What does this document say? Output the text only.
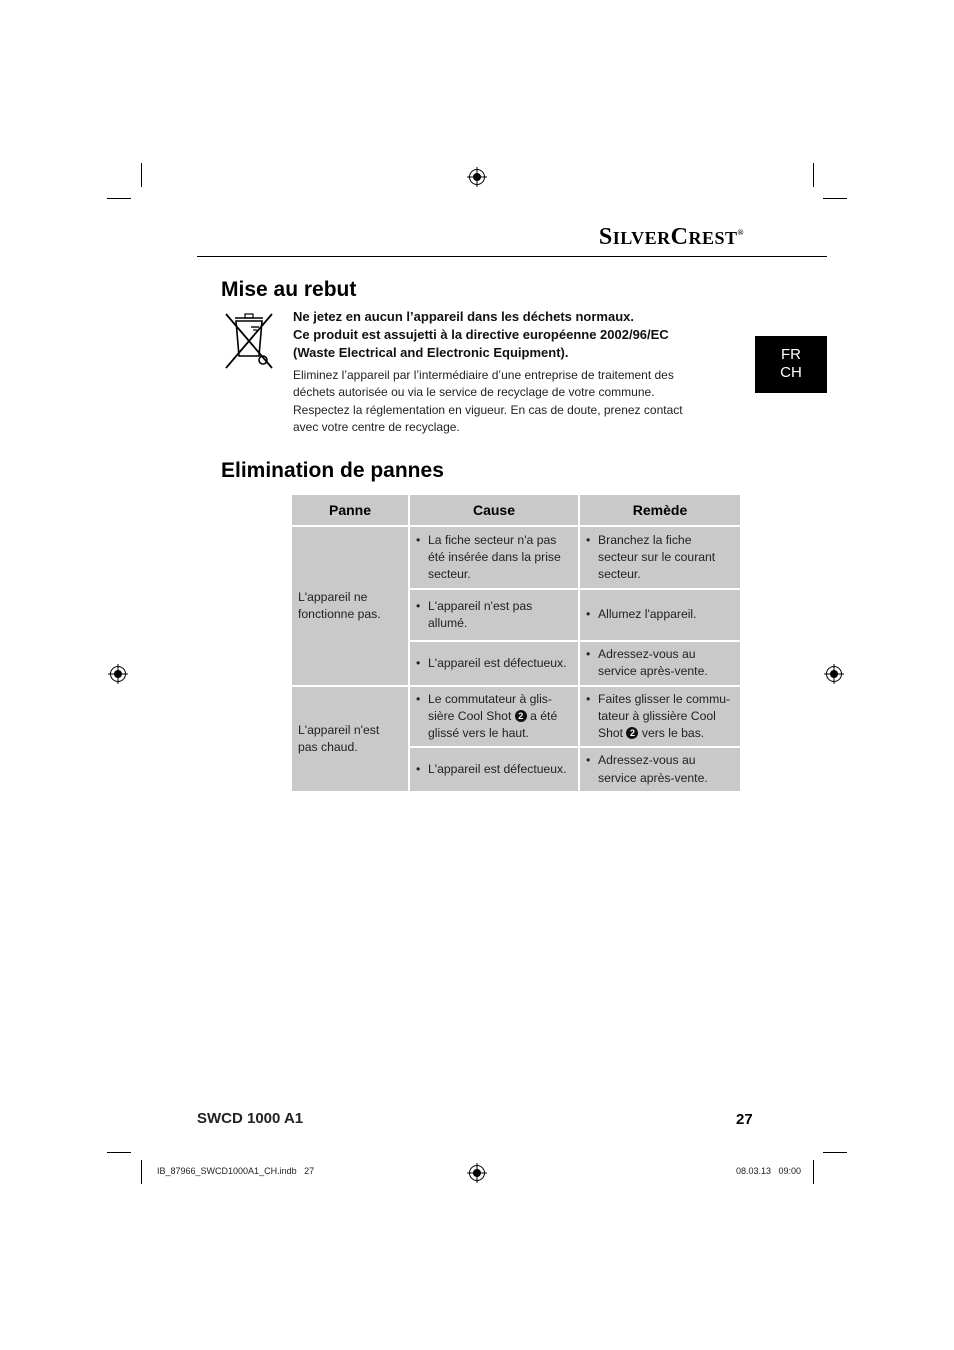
SILVERCREST®
FR
CH
Mise au rebut
Ne jetez en aucun l’appareil dans les déchets normaux.
Ce produit est assujetti à la directive européenne 2002/96/EC
(Waste Electrical and Electronic Equipment).
Eliminez l’appareil par l’intermédiaire d’une entreprise de traitement des
déchets autorisée ou via le service de recyclage de votre commune.
Respectez la réglementation en vigueur. En cas de doute, prenez contact
avec votre centre de recyclage.
Elimination de pannes
Panne	Cause	Remède
L'appareil ne fonctionne pas.	• La fiche secteur n'a pas été insérée dans la prise secteur.	• Branchez la fiche secteur sur le courant secteur.

	• L'appareil n'est pas allumé.	• Allumez l'appareil.

	• L'appareil est défectueux.	• Adressez-vous au service après-vente.

L'appareil n'est pas chaud.	• Le commutateur à glis-sière Cool Shot 2 a été glissé vers le haut.	• Faites glisser le commu-tateur à glissière Cool Shot 2 vers le bas.

	• L'appareil est défectueux.	• Adressez-vous au service après-vente.
SWCD 1000 A1	27
IB_87966_SWCD1000A1_CH.indb   27	08.03.13   09:00
